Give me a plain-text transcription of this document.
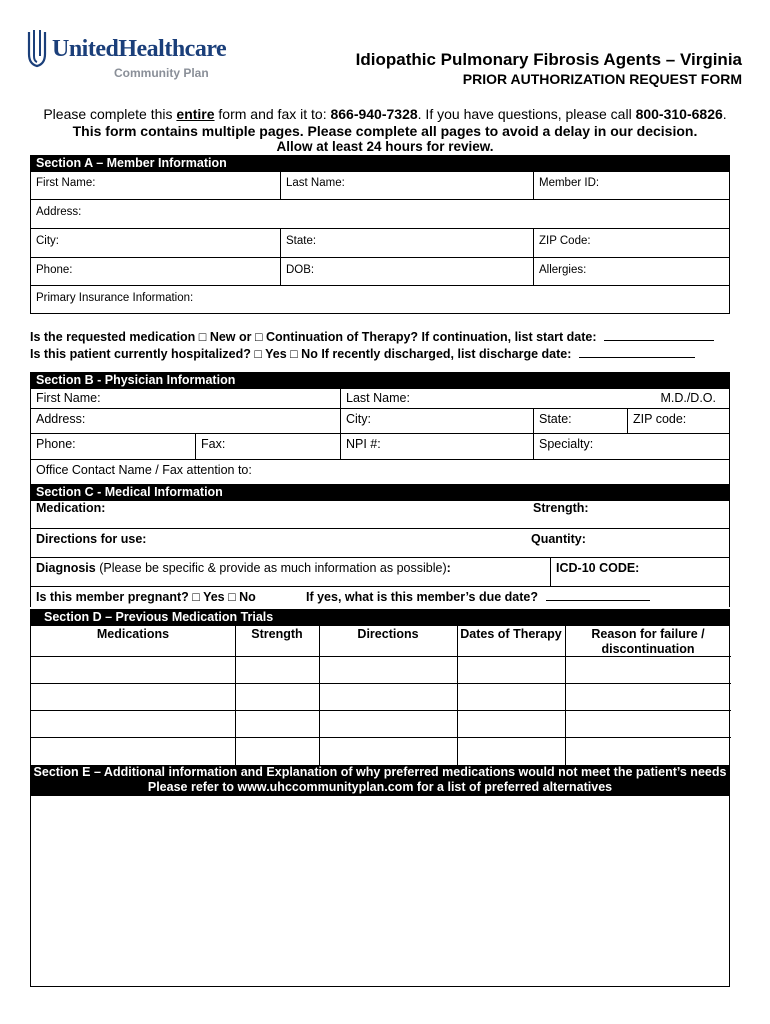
UnitedHealthcare
Community Plan
Idiopathic Pulmonary Fibrosis Agents – Virginia
PRIOR AUTHORIZATION REQUEST FORM
Please complete this entire form and fax it to: 866-940-7328. If you have questions, please call 800-310-6826.
This form contains multiple pages. Please complete all pages to avoid a delay in our decision.
Allow at least 24 hours for review.
Section A – Member Information
First Name:	Last Name:	Member ID:
Address:
City:	State:	ZIP Code:
Phone:	DOB:	Allergies:
Primary Insurance Information:
Is the requested medication □ New or □ Continuation of Therapy? If continuation, list start date:
Is this patient currently hospitalized? □ Yes □ No If recently discharged, list discharge date:
Section B - Physician Information
First Name:	Last Name:	M.D./D.O.
Address:	City:	State:	ZIP code:
Phone:	Fax:	NPI #:	Specialty:
Office Contact Name / Fax attention to:
Section C - Medical Information
Medication:	Strength:
Directions for use:	Quantity:
Diagnosis (Please be specific & provide as much information as possible):	ICD-10 CODE:
Is this member pregnant? □ Yes □ No	If yes, what is this member’s due date?
Section D – Previous Medication Trials
Medications	Strength	Directions	Dates of Therapy	Reason for failure / discontinuation
Section E – Additional information and Explanation of why preferred medications would not meet the patient’s needs
Please refer to www.uhccommunityplan.com for a list of preferred alternatives
